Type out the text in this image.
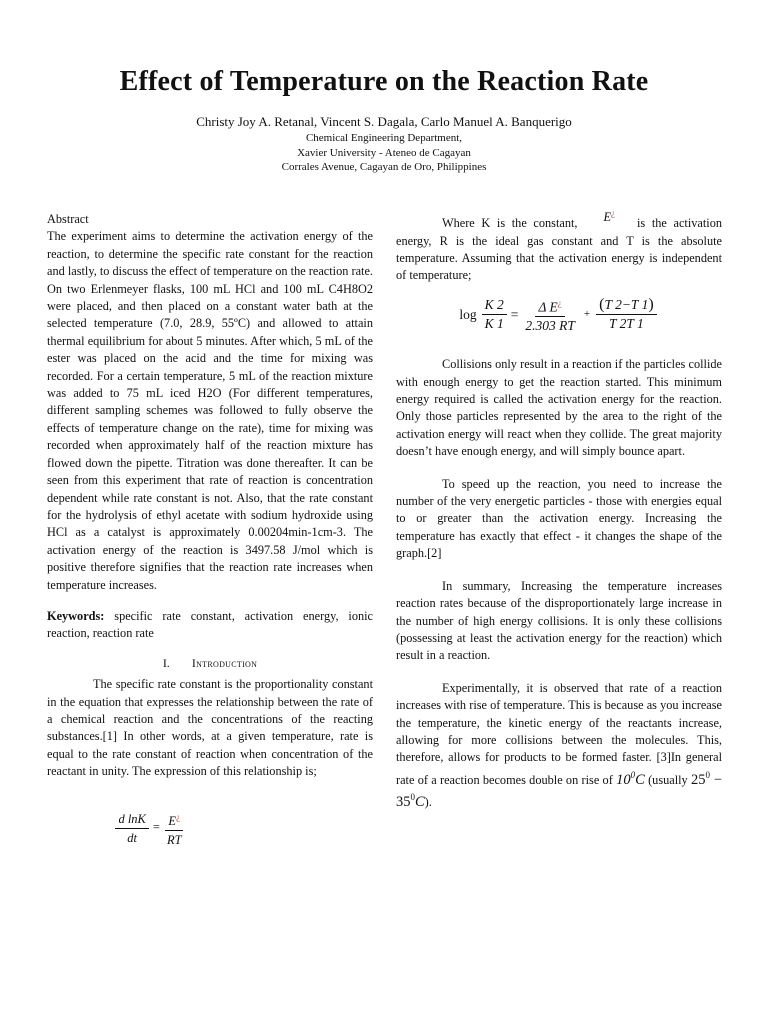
Effect of Temperature on the Reaction Rate
Christy Joy A. Retanal, Vincent S. Dagala, Carlo Manuel A. Banquerigo
Chemical Engineering Department,
Xavier University - Ateneo de Cagayan
Corrales Avenue, Cagayan de Oro, Philippines
Abstract

The experiment aims to determine the activation energy of the reaction, to determine the specific rate constant for the reaction and lastly, to discuss the effect of temperature on the reaction rate. On two Erlenmeyer flasks, 100 mL HCl and 100 mL C4H8O2 were placed, and then placed on a constant water bath at the selected temperature (7.0, 28.9, 55ºC) and allowed to attain thermal equilibrium for about 5 minutes. After which, 5 mL of the ester was placed on the acid and the time for mixing was recorded. For a certain temperature, 5 mL of the reaction mixture was added to 75 mL iced H2O (For different temperatures, different sampling schemes was followed to fully observe the effects of temperature change on the rate), time for mixing was recorded when approximately half of the reaction mixture has flowed down the pipette. Titration was done thereafter. It can be seen from this experiment that rate of reaction is concentration dependent while rate constant is not. Also, that the rate constant for the hydrolysis of ethyl acetate with sodium hydroxide using HCl as a catalyst is approximately 0.00204min-1cm-3. The activation energy of the reaction is 3497.58 J/mol which is positive therefore signifies that the reaction rate increases when temperature increases.

Keywords: specific rate constant, activation energy, ionic reaction, reaction rate

I. Introduction

The specific rate constant is the proportionality constant in the equation that expresses the relationship between the rate of a chemical reaction and the concentrations of the reacting substances.[1] In other words, at a given temperature, rate is equal to the rate constant of reaction when concentration of the reactant in unity. The expression of this relationship is;

$\frac{\text{d lnK}}{dt} = \frac{E^¿}{RT}$

Where K is the constant, E¿is the activation energy, R is the ideal gas constant and T is the absolute temperature. Assuming that the activation energy is independent of temperature;

$\log \frac{K 2}{K 1} = \frac{\Delta E^¿}{2.303 RT} + \frac{(T 2-T 1)}{T 2T 1}$

Collisions only result in a reaction if the particles collide with enough energy to get the reaction started. This minimum energy required is called the activation energy for the reaction. Only those particles represented by the area to the right of the activation energy will react when they collide. The great majority doesn’t have enough energy, and will simply bounce apart.

To speed up the reaction, you need to increase the number of the very energetic particles - those with energies equal to or greater than the activation energy. Increasing the temperature has exactly that effect - it changes the shape of the graph.[2]

In summary, Increasing the temperature increases reaction rates because of the disproportionately large increase in the number of high energy collisions. It is only these collisions (possessing at least the activation energy for the reaction) which result in a reaction.

Experimentally, it is observed that rate of a reaction increases with rise of temperature. This is because as you increase the temperature, the kinetic energy of the reactants increase, allowing for more collisions between the molecules. This, therefore, allows for products to be formed faster. [3]In general rate of a reaction becomes double on rise of $10^0C$ (usually $25^0 - 35^0C$).
